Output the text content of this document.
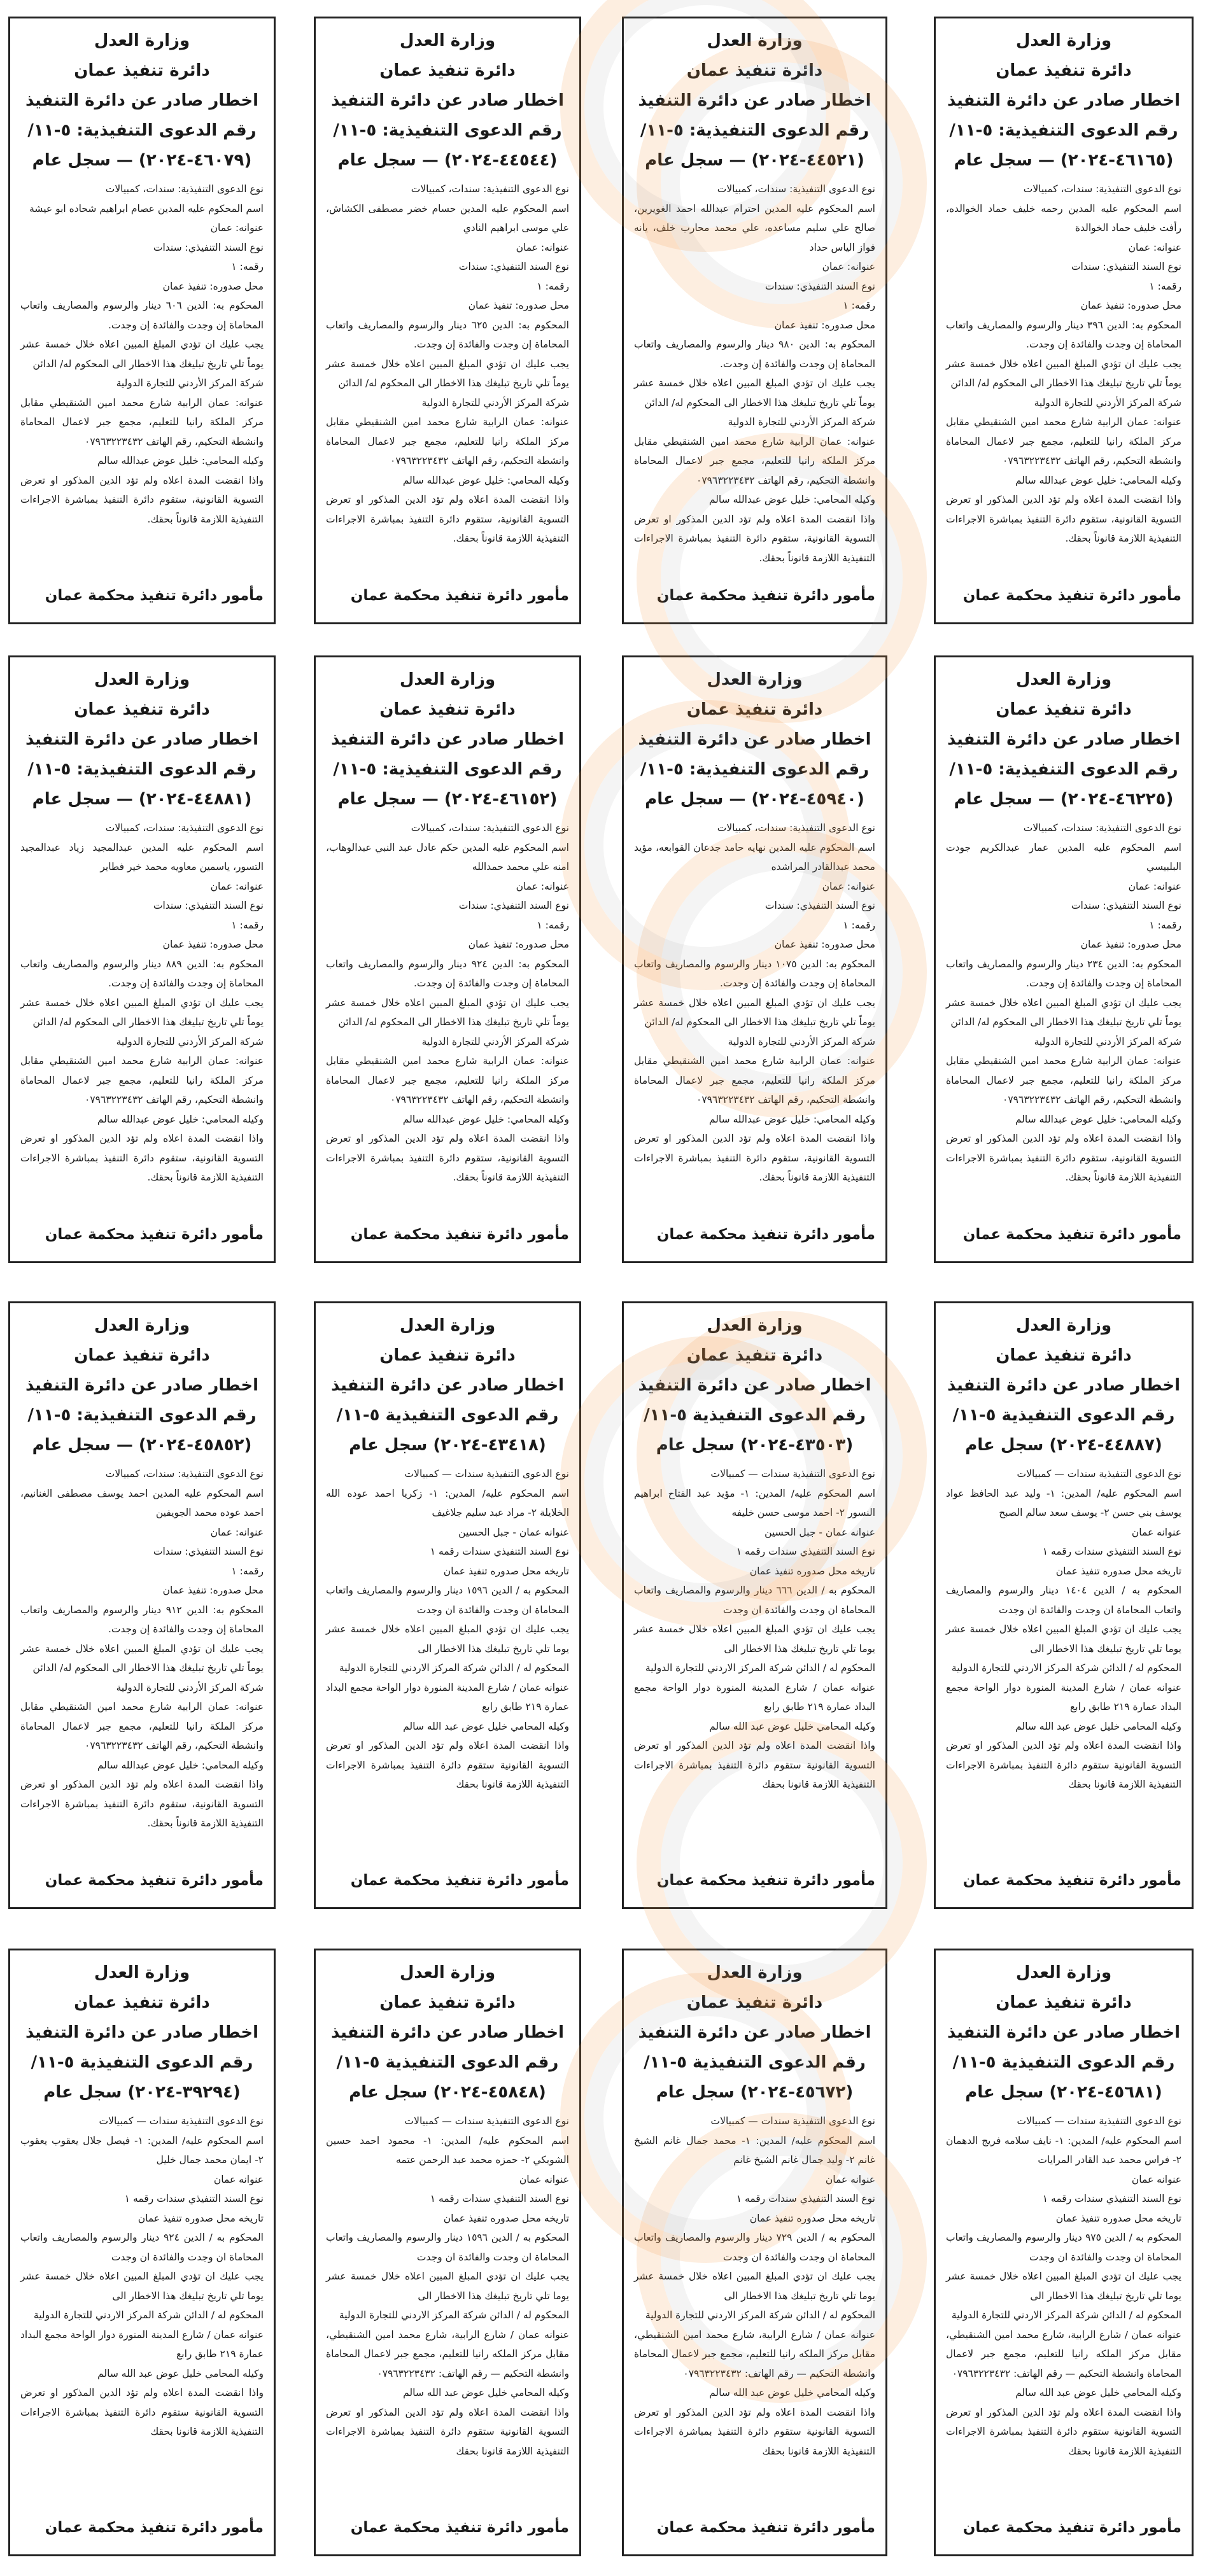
وزارة العدل
دائرة تنفيذ عمان
اخطار صادر عن دائرة التنفيذ
رقم الدعوى التنفيذية: ٥-١١/
(٤٦١٦٥-٢٠٢٤) — سجل عام

نوع الدعوى التنفيذية: سندات، كمبيالات

اسم المحكوم عليه المدين رحمه خليف حماد الخوالده، رأفت خليف حماد الخوالدة

عنوانه: عمان

نوع السند التنفيذي: سندات

رقمه: ١

محل صدوره: تنفيذ عمان

المحكوم به: الدين ٣٩٦ دينار والرسوم والمصاريف واتعاب المحاماة إن وجدت والفائدة إن وجدت.

يجب عليك ان تؤدي المبلغ المبين اعلاه خلال خمسة عشر يوماً تلي تاريخ تبليغك هذا الاخطار الى المحكوم له/ الدائن

شركة المركز الأردني للتجارة الدولية

عنوانه: عمان الرابية شارع محمد امين الشنقيطي مقابل مركز الملكة رانيا للتعليم، مجمع جبر لاعمال المحاماة وانشطة التحكيم، رقم الهاتف ٠٧٩٦٣٢٢٣٤٣٢

وكيله المحامي: خليل عوض عبدالله سالم

واذا انقضت المدة اعلاه ولم تؤد الدين المذكور او تعرض التسوية القانونية، ستقوم دائرة التنفيذ بمباشرة الاجراءات التنفيذية اللازمة قانوناً بحقك.

مأمور دائرة تنفيذ محكمة عمان
وزارة العدل
دائرة تنفيذ عمان
اخطار صادر عن دائرة التنفيذ
رقم الدعوى التنفيذية: ٥-١١/
(٤٤٥٢١-٢٠٢٤) — سجل عام

نوع الدعوى التنفيذية: سندات، كمبيالات

اسم المحكوم عليه المدين احترام عبدالله احمد الغويرين، صالح علي سليم مساعده، علي محمد محارب خلف، يانه فواز الياس حداد

عنوانه: عمان

نوع السند التنفيذي: سندات

رقمه: ١

محل صدوره: تنفيذ عمان

المحكوم به: الدين ٩٨٠ دينار والرسوم والمصاريف واتعاب المحاماة إن وجدت والفائدة إن وجدت.

يجب عليك ان تؤدي المبلغ المبين اعلاه خلال خمسة عشر يوماً تلي تاريخ تبليغك هذا الاخطار الى المحكوم له/ الدائن

شركة المركز الأردني للتجارة الدولية

عنوانه: عمان الرابية شارع محمد امين الشنقيطي مقابل مركز الملكة رانيا للتعليم، مجمع جبر لاعمال المحاماة وانشطة التحكيم، رقم الهاتف ٠٧٩٦٣٢٢٣٤٣٢

وكيله المحامي: خليل عوض عبدالله سالم

واذا انقضت المدة اعلاه ولم تؤد الدين المذكور او تعرض التسوية القانونية، ستقوم دائرة التنفيذ بمباشرة الاجراءات التنفيذية اللازمة قانوناً بحقك.

مأمور دائرة تنفيذ محكمة عمان
وزارة العدل
دائرة تنفيذ عمان
اخطار صادر عن دائرة التنفيذ
رقم الدعوى التنفيذية: ٥-١١/
(٤٤٥٤٤-٢٠٢٤) — سجل عام

نوع الدعوى التنفيذية: سندات، كمبيالات

اسم المحكوم عليه المدين حسام خضر مصطفى الكشاش، علي موسى ابراهيم النادي

عنوانه: عمان

نوع السند التنفيذي: سندات

رقمه: ١

محل صدوره: تنفيذ عمان

المحكوم به: الدين ٦٢٥ دينار والرسوم والمصاريف واتعاب المحاماة إن وجدت والفائدة إن وجدت.

يجب عليك ان تؤدي المبلغ المبين اعلاه خلال خمسة عشر يوماً تلي تاريخ تبليغك هذا الاخطار الى المحكوم له/ الدائن

شركة المركز الأردني للتجارة الدولية

عنوانه: عمان الرابية شارع محمد امين الشنقيطي مقابل مركز الملكة رانيا للتعليم، مجمع جبر لاعمال المحاماة وانشطة التحكيم، رقم الهاتف ٠٧٩٦٣٢٢٣٤٣٢

وكيله المحامي: خليل عوض عبدالله سالم

واذا انقضت المدة اعلاه ولم تؤد الدين المذكور او تعرض التسوية القانونية، ستقوم دائرة التنفيذ بمباشرة الاجراءات التنفيذية اللازمة قانوناً بحقك.

مأمور دائرة تنفيذ محكمة عمان
وزارة العدل
دائرة تنفيذ عمان
اخطار صادر عن دائرة التنفيذ
رقم الدعوى التنفيذية: ٥-١١/
(٤٦٠٧٩-٢٠٢٤) — سجل عام

نوع الدعوى التنفيذية: سندات، كمبيالات

اسم المحكوم عليه المدين عصام ابراهيم شحاده ابو عيشة

عنوانه: عمان

نوع السند التنفيذي: سندات

رقمه: ١

محل صدوره: تنفيذ عمان

المحكوم به: الدين ٦٠٦ دينار والرسوم والمصاريف واتعاب المحاماة إن وجدت والفائدة إن وجدت.

يجب عليك ان تؤدي المبلغ المبين اعلاه خلال خمسة عشر يوماً تلي تاريخ تبليغك هذا الاخطار الى المحكوم له/ الدائن

شركة المركز الأردني للتجارة الدولية

عنوانه: عمان الرابية شارع محمد امين الشنقيطي مقابل مركز الملكة رانيا للتعليم، مجمع جبر لاعمال المحاماة وانشطة التحكيم، رقم الهاتف ٠٧٩٦٣٢٢٣٤٣٢

وكيله المحامي: خليل عوض عبدالله سالم

واذا انقضت المدة اعلاه ولم تؤد الدين المذكور او تعرض التسوية القانونية، ستقوم دائرة التنفيذ بمباشرة الاجراءات التنفيذية اللازمة قانوناً بحقك.

مأمور دائرة تنفيذ محكمة عمان
وزارة العدل
دائرة تنفيذ عمان
اخطار صادر عن دائرة التنفيذ
رقم الدعوى التنفيذية: ٥-١١/
(٤٦٢٢٥-٢٠٢٤) — سجل عام

نوع الدعوى التنفيذية: سندات، كمبيالات

اسم المحكوم عليه المدين عمار عبدالكريم جودت البلبيسي

عنوانه: عمان

نوع السند التنفيذي: سندات

رقمه: ١

محل صدوره: تنفيذ عمان

المحكوم به: الدين ٢٣٤ دينار والرسوم والمصاريف واتعاب المحاماة إن وجدت والفائدة إن وجدت.

يجب عليك ان تؤدي المبلغ المبين اعلاه خلال خمسة عشر يوماً تلي تاريخ تبليغك هذا الاخطار الى المحكوم له/ الدائن

شركة المركز الأردني للتجارة الدولية

عنوانه: عمان الرابية شارع محمد امين الشنقيطي مقابل مركز الملكة رانيا للتعليم، مجمع جبر لاعمال المحاماة وانشطة التحكيم، رقم الهاتف ٠٧٩٦٣٢٢٣٤٣٢

وكيله المحامي: خليل عوض عبدالله سالم

واذا انقضت المدة اعلاه ولم تؤد الدين المذكور او تعرض التسوية القانونية، ستقوم دائرة التنفيذ بمباشرة الاجراءات التنفيذية اللازمة قانوناً بحقك.

مأمور دائرة تنفيذ محكمة عمان
وزارة العدل
دائرة تنفيذ عمان
اخطار صادر عن دائرة التنفيذ
رقم الدعوى التنفيذية: ٥-١١/
(٤٥٩٤٠-٢٠٢٤) — سجل عام

نوع الدعوى التنفيذية: سندات، كمبيالات

اسم المحكوم عليه المدين نهايه حامد جدعان القوابعه، مؤيد محمد عبدالقادر المراشده

عنوانه: عمان

نوع السند التنفيذي: سندات

رقمه: ١

محل صدوره: تنفيذ عمان

المحكوم به: الدين ١٠٧٥ دينار والرسوم والمصاريف واتعاب المحاماة إن وجدت والفائدة إن وجدت.

يجب عليك ان تؤدي المبلغ المبين اعلاه خلال خمسة عشر يوماً تلي تاريخ تبليغك هذا الاخطار الى المحكوم له/ الدائن

شركة المركز الأردني للتجارة الدولية

عنوانه: عمان الرابية شارع محمد امين الشنقيطي مقابل مركز الملكة رانيا للتعليم، مجمع جبر لاعمال المحاماة وانشطة التحكيم، رقم الهاتف ٠٧٩٦٣٢٢٣٤٣٢

وكيله المحامي: خليل عوض عبدالله سالم

واذا انقضت المدة اعلاه ولم تؤد الدين المذكور او تعرض التسوية القانونية، ستقوم دائرة التنفيذ بمباشرة الاجراءات التنفيذية اللازمة قانوناً بحقك.

مأمور دائرة تنفيذ محكمة عمان
وزارة العدل
دائرة تنفيذ عمان
اخطار صادر عن دائرة التنفيذ
رقم الدعوى التنفيذية: ٥-١١/
(٤٦١٥٢-٢٠٢٤) — سجل عام

نوع الدعوى التنفيذية: سندات، كمبيالات

اسم المحكوم عليه المدين حكم عادل عبد النبي عبدالوهاب، امنه علي محمد حمدالله

عنوانه: عمان

نوع السند التنفيذي: سندات

رقمه: ١

محل صدوره: تنفيذ عمان

المحكوم به: الدين ٩٢٤ دينار والرسوم والمصاريف واتعاب المحاماة إن وجدت والفائدة إن وجدت.

يجب عليك ان تؤدي المبلغ المبين اعلاه خلال خمسة عشر يوماً تلي تاريخ تبليغك هذا الاخطار الى المحكوم له/ الدائن

شركة المركز الأردني للتجارة الدولية

عنوانه: عمان الرابية شارع محمد امين الشنقيطي مقابل مركز الملكة رانيا للتعليم، مجمع جبر لاعمال المحاماة وانشطة التحكيم، رقم الهاتف ٠٧٩٦٣٢٢٣٤٣٢

وكيله المحامي: خليل عوض عبدالله سالم

واذا انقضت المدة اعلاه ولم تؤد الدين المذكور او تعرض التسوية القانونية، ستقوم دائرة التنفيذ بمباشرة الاجراءات التنفيذية اللازمة قانوناً بحقك.

مأمور دائرة تنفيذ محكمة عمان
وزارة العدل
دائرة تنفيذ عمان
اخطار صادر عن دائرة التنفيذ
رقم الدعوى التنفيذية: ٥-١١/
(٤٤٨٨١-٢٠٢٤) — سجل عام

نوع الدعوى التنفيذية: سندات، كمبيالات

اسم المحكوم عليه المدين عبدالمجيد زياد عبدالمجيد التسور، ياسمين معاويه محمد خير فطاير

عنوانه: عمان

نوع السند التنفيذي: سندات

رقمه: ١

محل صدوره: تنفيذ عمان

المحكوم به: الدين ٨٨٩ دينار والرسوم والمصاريف واتعاب المحاماة إن وجدت والفائدة إن وجدت.

يجب عليك ان تؤدي المبلغ المبين اعلاه خلال خمسة عشر يوماً تلي تاريخ تبليغك هذا الاخطار الى المحكوم له/ الدائن

شركة المركز الأردني للتجارة الدولية

عنوانه: عمان الرابية شارع محمد امين الشنقيطي مقابل مركز الملكة رانيا للتعليم، مجمع جبر لاعمال المحاماة وانشطة التحكيم، رقم الهاتف ٠٧٩٦٣٢٢٣٤٣٢

وكيله المحامي: خليل عوض عبدالله سالم

واذا انقضت المدة اعلاه ولم تؤد الدين المذكور او تعرض التسوية القانونية، ستقوم دائرة التنفيذ بمباشرة الاجراءات التنفيذية اللازمة قانوناً بحقك.

مأمور دائرة تنفيذ محكمة عمان
وزارة العدل
دائرة تنفيذ عمان
اخطار صادر عن دائرة التنفيذ
رقم الدعوى التنفيذية ٥-١١/
(٤٤٨٨٧-٢٠٢٤) سجل عام

نوع الدعوى التنفيذية سندات — كمبيالات

اسم المحكوم عليه/ المدين: ١- وليد عبد الحافظ عواد يوسف بني حسن ٢- يوسف سعد سالم الصبح

عنوانه عمان

نوع السند التنفيذي سندات رقمه ١

تاريخه محل صدوره تنفيذ عمان

المحكوم به / الدين ١٤٠٤ دينار والرسوم والمصاريف واتعاب المحاماة ان وجدت والفائدة ان وجدت

يجب عليك ان تؤدي المبلغ المبين اعلاه خلال خمسة عشر يوما تلي تاريخ تبليغك هذا الاخطار الى

المحكوم له / الدائن شركة المركز الاردني للتجارة الدولية

عنوانه عمان / شارع المدينة المنورة دوار الواحة مجمع البداد عمارة ٢١٩ طابق رابع

وكيله المحامي خليل عوض عبد الله سالم

واذا انقضت المدة اعلاه ولم تؤد الدين المذكور او تعرض التسوية القانونية ستقوم دائرة التنفيذ بمباشرة الاجراءات التنفيذية اللازمة قانونا بحقك

مأمور دائرة تنفيذ محكمة عمان
وزارة العدل
دائرة تنفيذ عمان
اخطار صادر عن دائرة التنفيذ
رقم الدعوى التنفيذية ٥-١١/
(٤٣٥٠٣-٢٠٢٤) سجل عام

نوع الدعوى التنفيذية سندات — كمبيالات

اسم المحكوم عليه/ المدين: ١- مؤيد عبد الفتاح ابراهيم النسور ٢- احمد موسى حسن خليفه

عنوانه عمان - جبل الحسين

نوع السند التنفيذي سندات رقمه ١

تاريخه محل صدوره تنفيذ عمان

المحكوم به / الدين ٦٦٦ دينار والرسوم والمصاريف واتعاب المحاماة ان وجدت والفائدة ان وجدت

يجب عليك ان تؤدي المبلغ المبين اعلاه خلال خمسة عشر يوما تلي تاريخ تبليغك هذا الاخطار الى

المحكوم له / الدائن شركة المركز الاردني للتجارة الدولية

عنوانه عمان / شارع المدينة المنورة دوار الواحة مجمع البداد عمارة ٢١٩ طابق رابع

وكيله المحامي خليل عوض عبد الله سالم

واذا انقضت المدة اعلاه ولم تؤد الدين المذكور او تعرض التسوية القانونية ستقوم دائرة التنفيذ بمباشرة الاجراءات التنفيذية اللازمة قانونا بحقك

مأمور دائرة تنفيذ محكمة عمان
وزارة العدل
دائرة تنفيذ عمان
اخطار صادر عن دائرة التنفيذ
رقم الدعوى التنفيذية ٥-١١/
(٤٣٤١٨-٢٠٢٤) سجل عام

نوع الدعوى التنفيذية سندات — كمبيالات

اسم المحكوم عليه/ المدين: ١- زكريا احمد عوده الله الخلايلة ٢- مراد عبد سليم جلاغيف

عنوانه عمان - جبل الحسين

نوع السند التنفيذي سندات رقمه ١

تاريخه محل صدوره تنفيذ عمان

المحكوم به / الدين ١٥٩٦ دينار والرسوم والمصاريف واتعاب المحاماة ان وجدت والفائدة ان وجدت

يجب عليك ان تؤدي المبلغ المبين اعلاه خلال خمسة عشر يوما تلي تاريخ تبليغك هذا الاخطار الى

المحكوم له / الدائن شركة المركز الاردني للتجارة الدولية

عنوانه عمان / شارع المدينة المنورة دوار الواحة مجمع البداد عمارة ٢١٩ طابق رابع

وكيله المحامي خليل عوض عبد الله سالم

واذا انقضت المدة اعلاه ولم تؤد الدين المذكور او تعرض التسوية القانونية ستقوم دائرة التنفيذ بمباشرة الاجراءات التنفيذية اللازمة قانونا بحقك

مأمور دائرة تنفيذ محكمة عمان
وزارة العدل
دائرة تنفيذ عمان
اخطار صادر عن دائرة التنفيذ
رقم الدعوى التنفيذية: ٥-١١/
(٤٥٨٥٢-٢٠٢٤) — سجل عام

نوع الدعوى التنفيذية: سندات، كمبيالات

اسم المحكوم عليه المدين احمد يوسف مصطفى الغنانيم، احمد عوده محمد الجويفين

عنوانه: عمان

نوع السند التنفيذي: سندات

رقمه: ١

محل صدوره: تنفيذ عمان

المحكوم به: الدين ٩١٢ دينار والرسوم والمصاريف واتعاب المحاماة إن وجدت والفائدة إن وجدت.

يجب عليك ان تؤدي المبلغ المبين اعلاه خلال خمسة عشر يوماً تلي تاريخ تبليغك هذا الاخطار الى المحكوم له/ الدائن

شركة المركز الأردني للتجارة الدولية

عنوانه: عمان الرابية شارع محمد امين الشنقيطي مقابل مركز الملكة رانيا للتعليم، مجمع جبر لاعمال المحاماة وانشطة التحكيم، رقم الهاتف ٠٧٩٦٣٢٢٣٤٣٢

وكيله المحامي: خليل عوض عبدالله سالم

واذا انقضت المدة اعلاه ولم تؤد الدين المذكور او تعرض التسوية القانونية، ستقوم دائرة التنفيذ بمباشرة الاجراءات التنفيذية اللازمة قانوناً بحقك.

مأمور دائرة تنفيذ محكمة عمان
وزارة العدل
دائرة تنفيذ عمان
اخطار صادر عن دائرة التنفيذ
رقم الدعوى التنفيذية ٥-١١/
(٤٥٦٨١-٢٠٢٤) سجل عام

نوع الدعوى التنفيذية سندات — كمبيالات

اسم المحكوم عليه/ المدين: ١- نايف سلامه فريج الدهمان ٢- فراس محمد عبد القادر المرايات

عنوانه عمان

نوع السند التنفيذي سندات رقمه ١

تاريخه محل صدوره تنفيذ عمان

المحكوم به / الدين ٩٧٥ دينار والرسوم والمصاريف واتعاب المحاماة ان وجدت والفائدة ان وجدت

يجب عليك ان تؤدي المبلغ المبين اعلاه خلال خمسة عشر يوما تلي تاريخ تبليغك هذا الاخطار الى

المحكوم له / الدائن شركة المركز الاردني للتجارة الدولية

عنوانه عمان / شارع الرابية، شارع محمد امين الشنقيطي، مقابل مركز الملكه رانيا للتعليم، مجمع جبر لاعمال المحاماة وانشطة التحكيم — رقم الهاتف: ٠٧٩٦٣٢٢٣٤٣٢

وكيله المحامي خليل عوض عبد الله سالم

واذا انقضت المدة اعلاه ولم تؤد الدين المذكور او تعرض التسوية القانونية ستقوم دائرة التنفيذ بمباشرة الاجراءات التنفيذية اللازمة قانونا بحقك

مأمور دائرة تنفيذ محكمة عمان
وزارة العدل
دائرة تنفيذ عمان
اخطار صادر عن دائرة التنفيذ
رقم الدعوى التنفيذية ٥-١١/
(٤٥٦٧٢-٢٠٢٤) سجل عام

نوع الدعوى التنفيذية سندات — كمبيالات

اسم المحكوم عليه/ المدين: ١- محمد جمال غانم الشيخ غانم ٢- وليد جمال غانم الشيخ غانم

عنوانه عمان

نوع السند التنفيذي سندات رقمه ١

تاريخه محل صدوره تنفيذ عمان

المحكوم به / الدين ٧٢٩ دينار والرسوم والمصاريف واتعاب المحاماة ان وجدت والفائدة ان وجدت

يجب عليك ان تؤدي المبلغ المبين اعلاه خلال خمسة عشر يوما تلي تاريخ تبليغك هذا الاخطار الى

المحكوم له / الدائن شركة المركز الاردني للتجارة الدولية

عنوانه عمان / شارع الرابية، شارع محمد امين الشنقيطي، مقابل مركز الملكه رانيا للتعليم، مجمع جبر لاعمال المحاماة وانشطة التحكيم — رقم الهاتف: ٠٧٩٦٣٢٢٣٤٣٢

وكيله المحامي خليل عوض عبد الله سالم

واذا انقضت المدة اعلاه ولم تؤد الدين المذكور او تعرض التسوية القانونية ستقوم دائرة التنفيذ بمباشرة الاجراءات التنفيذية اللازمة قانونا بحقك

مأمور دائرة تنفيذ محكمة عمان
وزارة العدل
دائرة تنفيذ عمان
اخطار صادر عن دائرة التنفيذ
رقم الدعوى التنفيذية ٥-١١/
(٤٥٨٤٨-٢٠٢٤) سجل عام

نوع الدعوى التنفيذية سندات — كمبيالات

اسم المحكوم عليه/ المدين: ١- محمود احمد حسين الشوبكي ٢- حمزه محمد عبد الرحمن عتمه

عنوانه عمان

نوع السند التنفيذي سندات رقمه ١

تاريخه محل صدوره تنفيذ عمان

المحكوم به / الدين ١٥٩٦ دينار والرسوم والمصاريف واتعاب المحاماة ان وجدت والفائدة ان وجدت

يجب عليك ان تؤدي المبلغ المبين اعلاه خلال خمسة عشر يوما تلي تاريخ تبليغك هذا الاخطار الى

المحكوم له / الدائن شركة المركز الاردني للتجارة الدولية

عنوانه عمان / شارع الرابية، شارع محمد امين الشنقيطي، مقابل مركز الملكه رانيا للتعليم، مجمع جبر لاعمال المحاماة وانشطة التحكيم — رقم الهاتف: ٠٧٩٦٣٢٢٣٤٣٢

وكيله المحامي خليل عوض عبد الله سالم

واذا انقضت المدة اعلاه ولم تؤد الدين المذكور او تعرض التسوية القانونية ستقوم دائرة التنفيذ بمباشرة الاجراءات التنفيذية اللازمة قانونا بحقك

مأمور دائرة تنفيذ محكمة عمان
وزارة العدل
دائرة تنفيذ عمان
اخطار صادر عن دائرة التنفيذ
رقم الدعوى التنفيذية ٥-١١/
(٣٩٢٩٤-٢٠٢٤) سجل عام

نوع الدعوى التنفيذية سندات — كمبيالات

اسم المحكوم عليه/ المدين: ١- فيصل جلال يعقوب يعقوب ٢- ايمان محمد جمال خليل

عنوانه عمان

نوع السند التنفيذي سندات رقمه ١

تاريخه محل صدوره تنفيذ عمان

المحكوم به / الدين ٩٢٤ دينار والرسوم والمصاريف واتعاب المحاماة ان وجدت والفائدة ان وجدت

يجب عليك ان تؤدي المبلغ المبين اعلاه خلال خمسة عشر يوما تلي تاريخ تبليغك هذا الاخطار الى

المحكوم له / الدائن شركة المركز الاردني للتجارة الدولية

عنوانه عمان / شارع المدينة المنورة دوار الواحة مجمع البداد عمارة ٢١٩ طابق رابع

وكيله المحامي خليل عوض عبد الله سالم

واذا انقضت المدة اعلاه ولم تؤد الدين المذكور او تعرض التسوية القانونية ستقوم دائرة التنفيذ بمباشرة الاجراءات التنفيذية اللازمة قانونا بحقك

مأمور دائرة تنفيذ محكمة عمان
